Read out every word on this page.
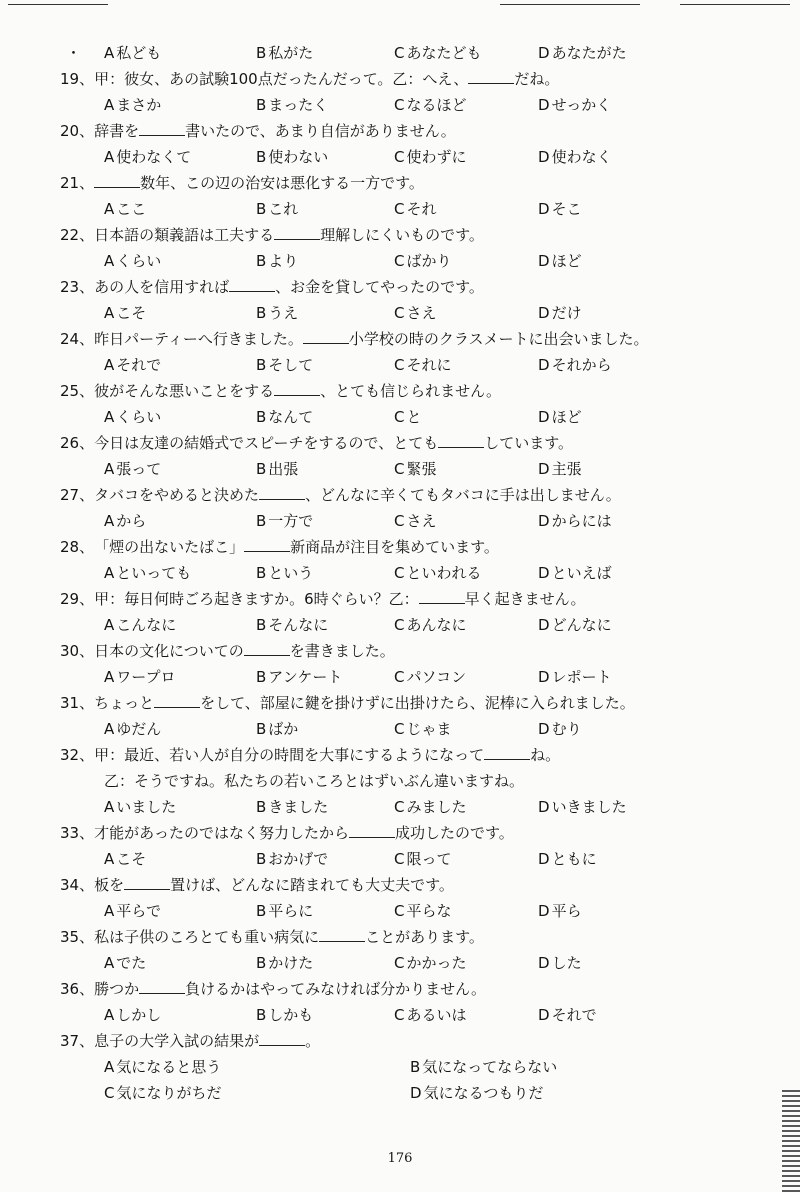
・ A 私ども	B 私がた	C あなたども	D あなたがた
19、甲：彼女、あの試験100点だったんだって。乙：へえ、	だね。
A まさか	B まったく	C なるほど	D せっかく
20、辞書を	書いたので、あまり自信がありません。
A 使わなくて	B 使わない	C 使わずに	D 使わなく
21、	数年、この辺の治安は悪化する一方です。
A ここ	B これ	C それ	D そこ
22、日本語の類義語は工夫する	理解しにくいものです。
A くらい	B より	C ばかり	D ほど
23、あの人を信用すれば	、お金を貸してやったのです。
A こそ	B うえ	C さえ	D だけ
24、昨日パーティーへ行きました。	小学校の時のクラスメートに出会いました。
A それで	B そして	C それに	D それから
25、彼がそんな悪いことをする	、とても信じられません。
A くらい	B なんて	C と	D ほど
26、今日は友達の結婚式でスピーチをするので、とても	しています。
A 張って	B 出張	C 緊張	D 主張
27、タバコをやめると決めた	、どんなに辛くてもタバコに手は出しません。
A から	B 一方で	C さえ	D からには
28、「煙の出ないたばこ」	新商品が注目を集めています。
A といっても	B という	C といわれる	D といえば
29、甲：毎日何時ごろ起きますか。6時ぐらい？乙：	早く起きません。
A こんなに	B そんなに	C あんなに	D どんなに
30、日本の文化についての	を書きました。
A ワープロ	B アンケート	C パソコン	D レポート
31、ちょっと	をして、部屋に鍵を掛けずに出掛けたら、泥棒に入られました。
A ゆだん	B ばか	C じゃま	D むり
32、甲：最近、若い人が自分の時間を大事にするようになって	ね。
乙：そうですね。私たちの若いころとはずいぶん違いますね。
A いました	B きました	C みました	D いきました
33、才能があったのではなく努力したから	成功したのです。
A こそ	B おかげで	C 限って	D ともに
34、板を	置けば、どんなに踏まれても大丈夫です。
A 平らで	B 平らに	C 平らな	D 平ら
35、私は子供のころとても重い病気に	ことがあります。
A でた	B かけた	C かかった	D した
36、勝つか	負けるかはやってみなければ分かりません。
A しかし	B しかも	C あるいは	D それで
37、息子の大学入試の結果が	。
A 気になると思う	B 気になってならない
C 気になりがちだ	D 気になるつもりだ
176
